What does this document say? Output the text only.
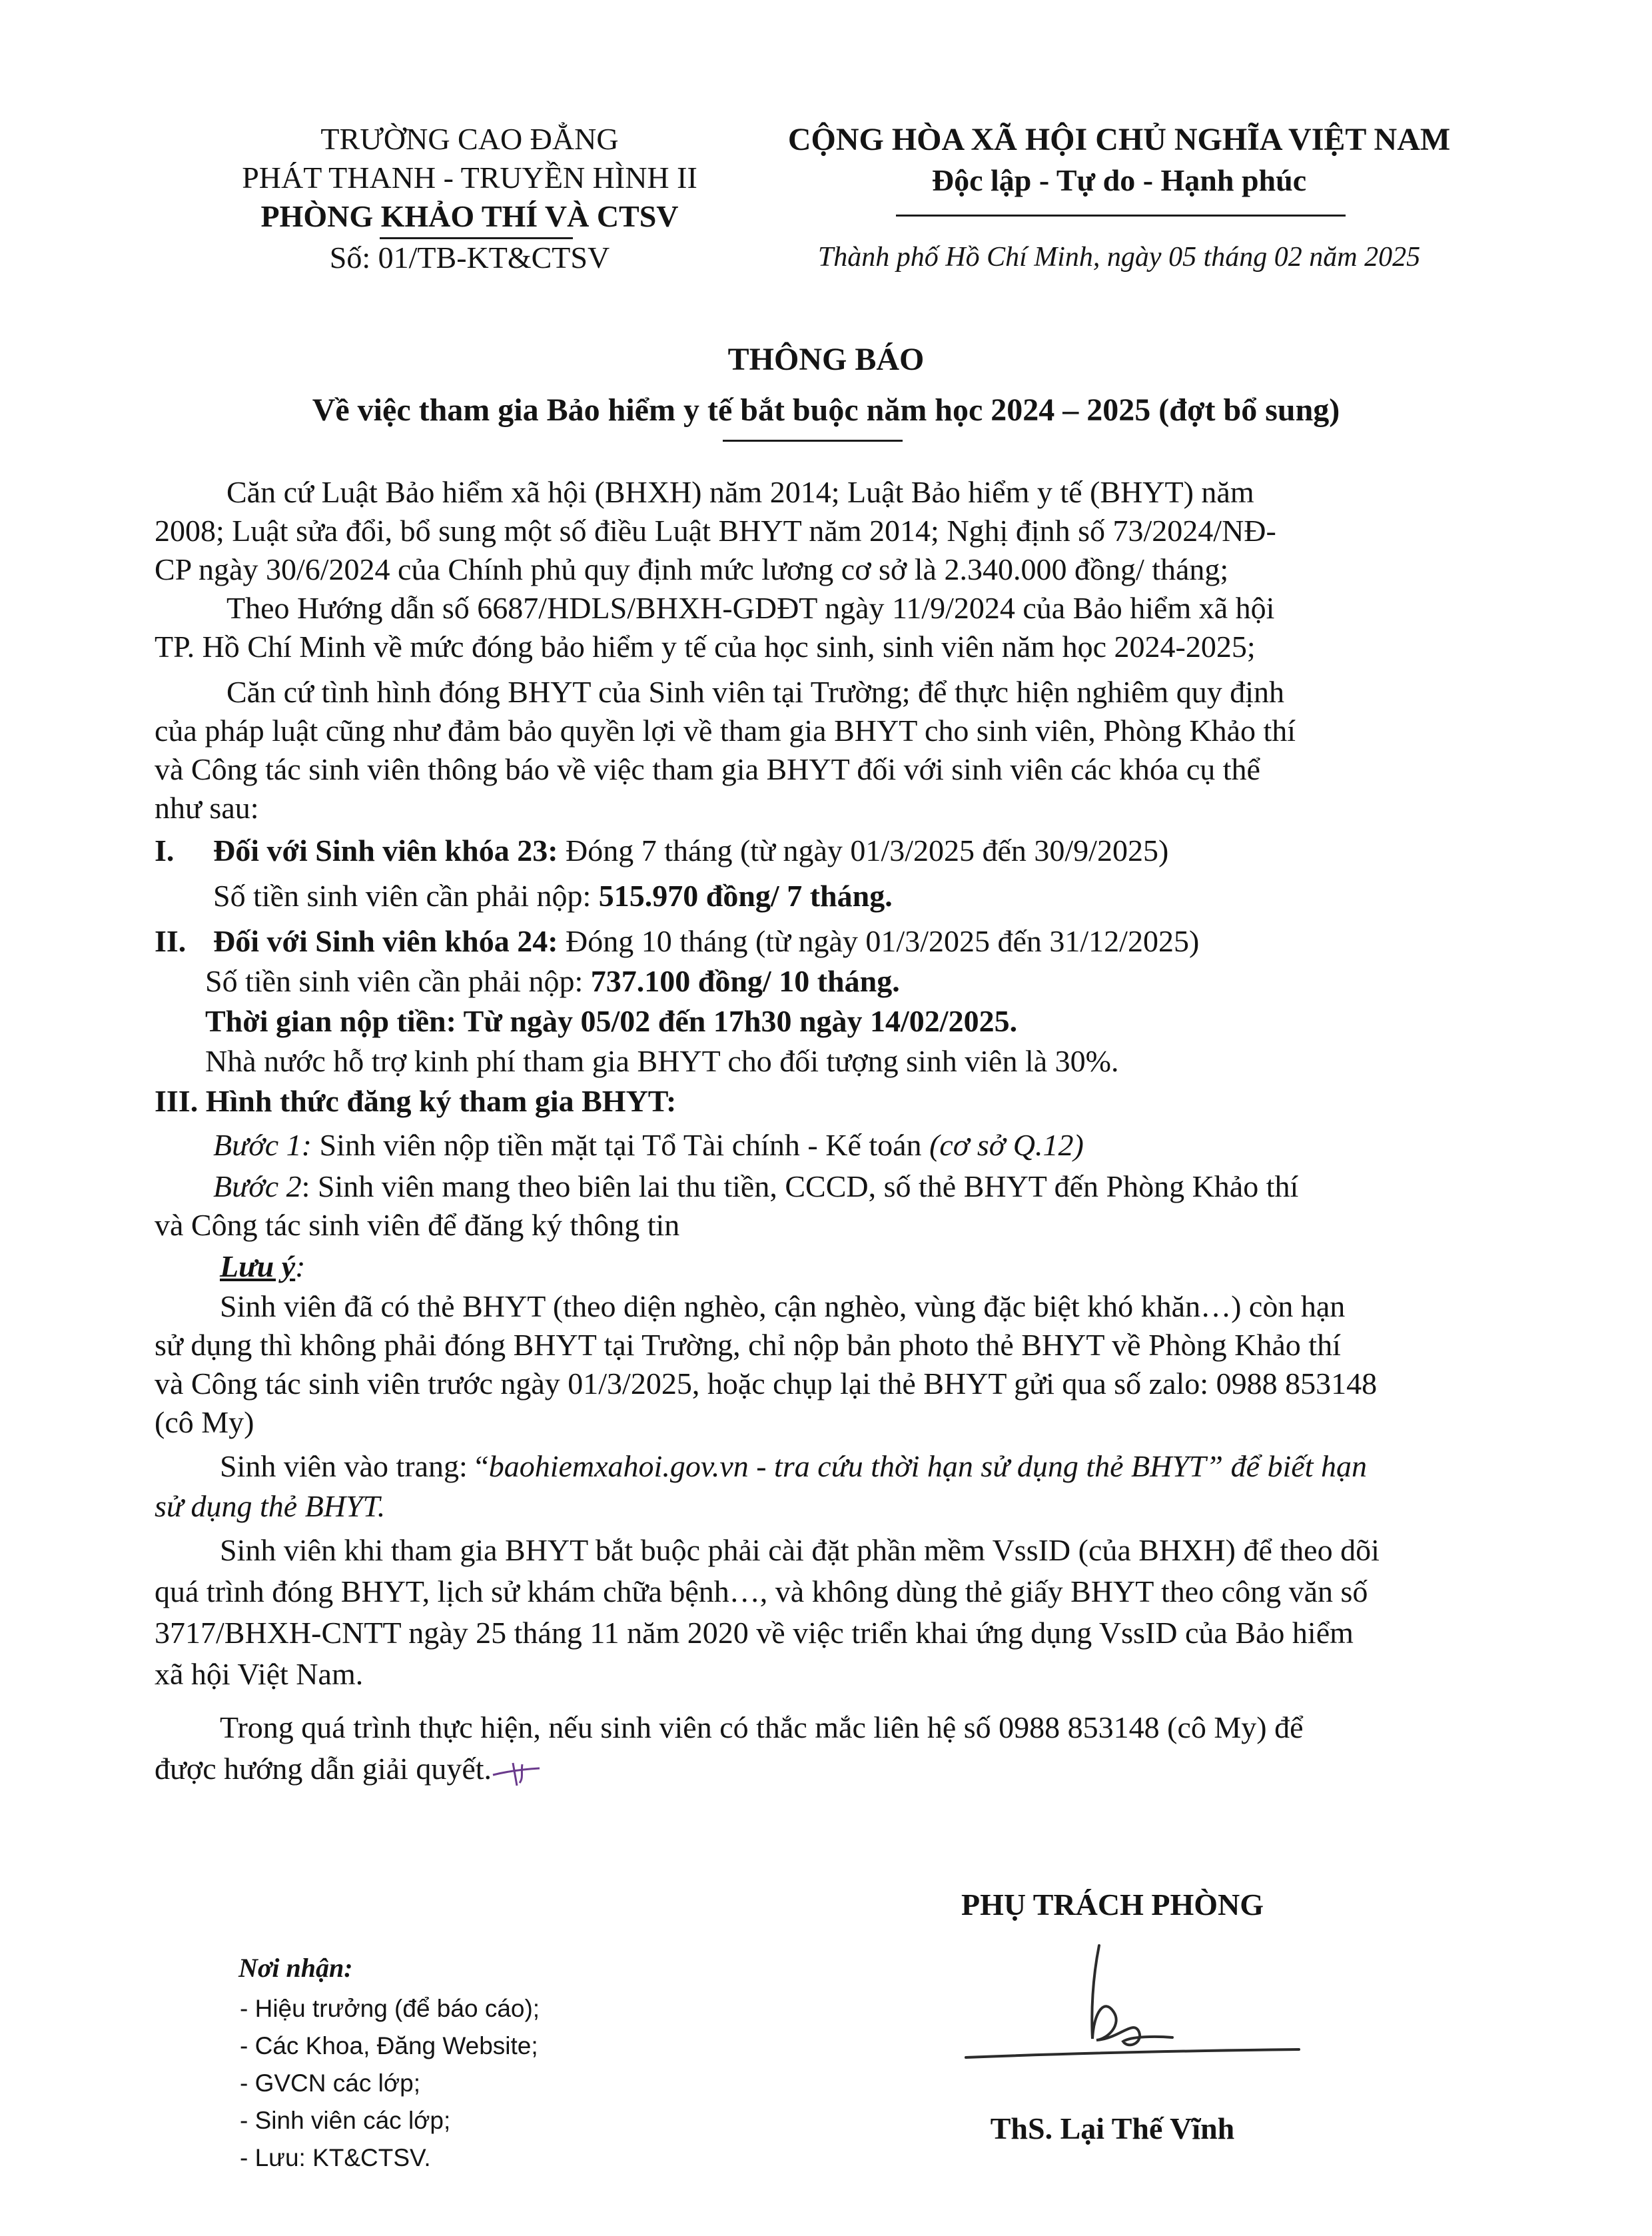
TRƯỜNG CAO ĐẲNG
PHÁT THANH - TRUYỀN HÌNH II
PHÒNG KHẢO THÍ VÀ CTSV
Số: 01/TB-KT&CTSV
CỘNG HÒA XÃ HỘI CHỦ NGHĨA VIỆT NAM
Độc lập - Tự do - Hạnh phúc
Thành phố Hồ Chí Minh, ngày 05 tháng 02 năm 2025
THÔNG BÁO
Về việc tham gia Bảo hiểm y tế bắt buộc năm học 2024 – 2025 (đợt bổ sung)
Căn cứ Luật Bảo hiểm xã hội (BHXH) năm 2014; Luật Bảo hiểm y tế (BHYT) năm
2008; Luật sửa đổi, bổ sung một số điều Luật BHYT năm 2014; Nghị định số 73/2024/NĐ-
CP ngày 30/6/2024 của Chính phủ quy định mức lương cơ sở là 2.340.000 đồng/ tháng;
Theo Hướng dẫn số 6687/HDLS/BHXH-GDĐT ngày 11/9/2024 của Bảo hiểm xã hội
TP. Hồ Chí Minh về mức đóng bảo hiểm y tế của học sinh, sinh viên năm học 2024-2025;
Căn cứ tình hình đóng BHYT của Sinh viên tại Trường; để thực hiện nghiêm quy định
của pháp luật cũng như đảm bảo quyền lợi về tham gia BHYT cho sinh viên, Phòng Khảo thí
và Công tác sinh viên thông báo về việc tham gia BHYT đối với sinh viên các khóa cụ thể
như sau:
I. Đối với Sinh viên khóa 23: Đóng 7 tháng (từ ngày 01/3/2025 đến 30/9/2025)
Số tiền sinh viên cần phải nộp: 515.970 đồng/ 7 tháng.
II. Đối với Sinh viên khóa 24: Đóng 10 tháng (từ ngày 01/3/2025 đến 31/12/2025)
Số tiền sinh viên cần phải nộp: 737.100 đồng/ 10 tháng.
Thời gian nộp tiền: Từ ngày 05/02 đến 17h30 ngày 14/02/2025.
Nhà nước hỗ trợ kinh phí tham gia BHYT cho đối tượng sinh viên là 30%.
III. Hình thức đăng ký tham gia BHYT:
Bước 1: Sinh viên nộp tiền mặt tại Tổ Tài chính - Kế toán (cơ sở Q.12)
Bước 2: Sinh viên mang theo biên lai thu tiền, CCCD, số thẻ BHYT đến Phòng Khảo thí
và Công tác sinh viên để đăng ký thông tin
Lưu ý:
Sinh viên đã có thẻ BHYT (theo diện nghèo, cận nghèo, vùng đặc biệt khó khăn…) còn hạn
sử dụng thì không phải đóng BHYT tại Trường, chỉ nộp bản photo thẻ BHYT về Phòng Khảo thí
và Công tác sinh viên trước ngày 01/3/2025, hoặc chụp lại thẻ BHYT gửi qua số zalo: 0988 853148
(cô My)
Sinh viên vào trang: “baohiemxahoi.gov.vn - tra cứu thời hạn sử dụng thẻ BHYT” để biết hạn
sử dụng thẻ BHYT.
Sinh viên khi tham gia BHYT bắt buộc phải cài đặt phần mềm VssID (của BHXH) để theo dõi
quá trình đóng BHYT, lịch sử khám chữa bệnh…, và không dùng thẻ giấy BHYT theo công văn số
3717/BHXH-CNTT ngày 25 tháng 11 năm 2020 về việc triển khai ứng dụng VssID của Bảo hiểm
xã hội Việt Nam.
Trong quá trình thực hiện, nếu sinh viên có thắc mắc liên hệ số 0988 853148 (cô My) để
được hướng dẫn giải quyết.
PHỤ TRÁCH PHÒNG
ThS. Lại Thế Vĩnh
Nơi nhận:
- Hiệu trưởng (để báo cáo);
- Các Khoa, Đăng Website;
- GVCN các lớp;
- Sinh viên các lớp;
- Lưu: KT&CTSV.
